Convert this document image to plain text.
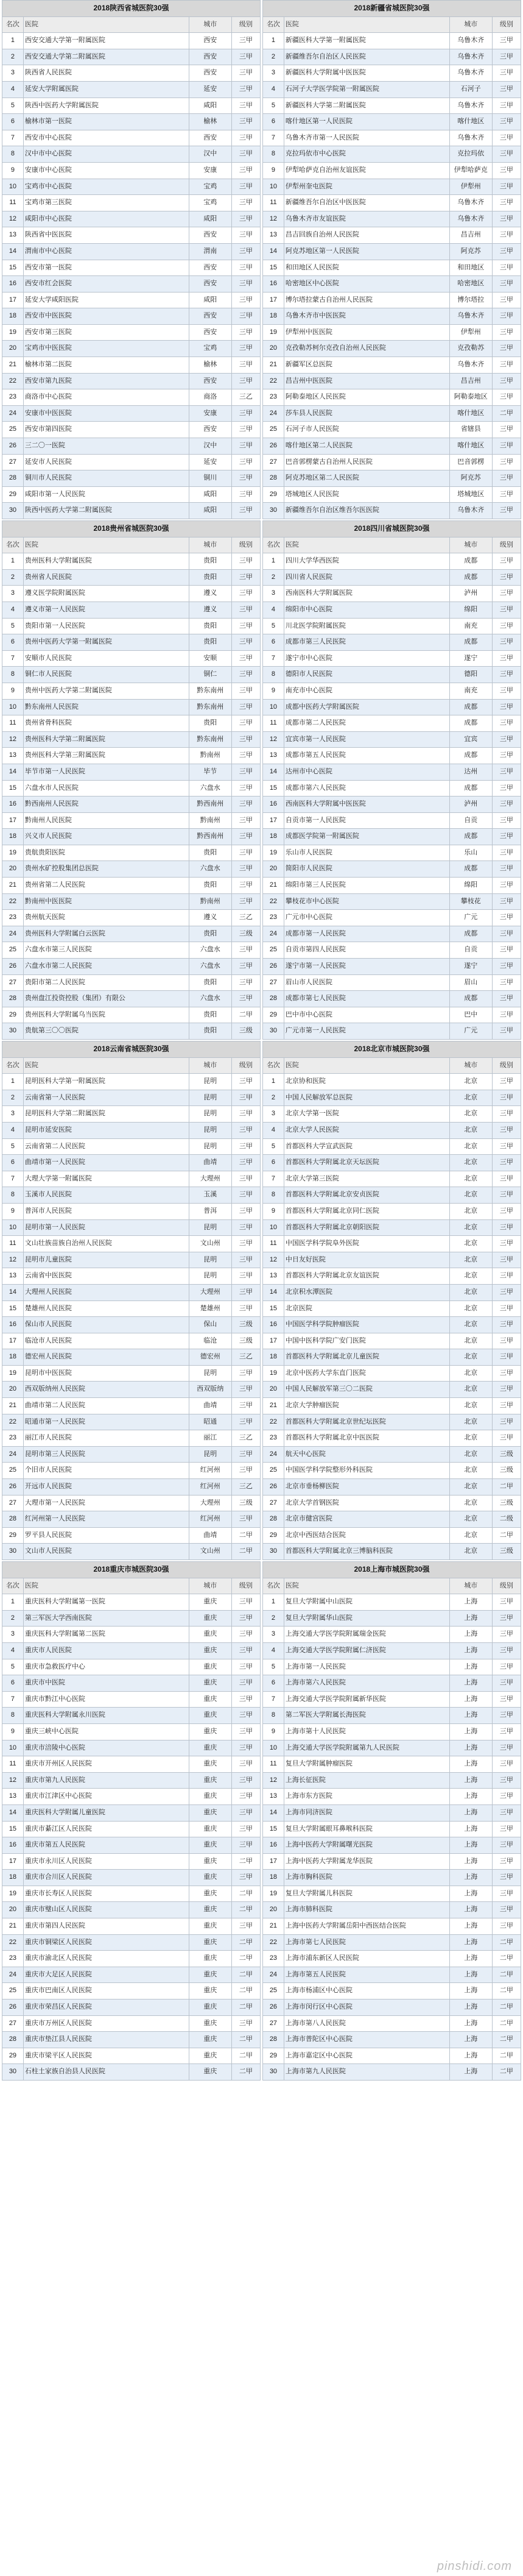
2018陕西省城医院30强			
名次	医院	城市	级别
1	西安交通大学第一附属医院	西安	三甲
2	西安交通大学第二附属医院	西安	三甲
3	陕西省人民医院	西安	三甲
4	延安大学附属医院	延安	三甲
5	陕西中医药大学附属医院	咸阳	三甲
6	榆林市第一医院	榆林	三甲
7	西安市中心医院	西安	三甲
8	汉中市中心医院	汉中	三甲
9	安康市中心医院	安康	三甲
10	宝鸡市中心医院	宝鸡	三甲
11	宝鸡市第三医院	宝鸡	三甲
12	咸阳市中心医院	咸阳	三甲
13	陕西省中医医院	西安	三甲
14	渭南市中心医院	渭南	三甲
15	西安市第一医院	西安	三甲
16	西安市红会医院	西安	三甲
17	延安大学咸阳医院	咸阳	三甲
18	西安市中医医院	西安	三甲
19	西安市第三医院	西安	三甲
20	宝鸡市中医医院	宝鸡	三甲
21	榆林市第二医院	榆林	三甲
22	西安市第九医院	西安	三甲
23	商洛市中心医院	商洛	三乙
24	安康市中医医院	安康	三甲
25	西安市第四医院	西安	三甲
26	三二〇一医院	汉中	三甲
27	延安市人民医院	延安	三甲
28	铜川市人民医院	铜川	三甲
29	咸阳市第一人民医院	咸阳	三甲
30	陕西中医药大学第二附属医院	咸阳	三甲
2018新疆省城医院30强			
名次	医院	城市	级别
1	新疆医科大学第一附属医院	乌鲁木齐	三甲
2	新疆维吾尔自治区人民医院	乌鲁木齐	三甲
3	新疆医科大学附属中医医院	乌鲁木齐	三甲
4	石河子大学医学院第一附属医院	石河子	三甲
5	新疆医科大学第二附属医院	乌鲁木齐	三甲
6	喀什地区第一人民医院	喀什地区	三甲
7	乌鲁木齐市第一人民医院	乌鲁木齐	三甲
8	克拉玛依市中心医院	克拉玛依	三甲
9	伊犁哈萨克自治州友谊医院	伊犁哈萨克	三甲
10	伊犁州奎屯医院	伊犁州	三甲
11	新疆维吾尔自治区中医医院	乌鲁木齐	三甲
12	乌鲁木齐市友谊医院	乌鲁木齐	三甲
13	昌吉回族自治州人民医院	昌吉州	三甲
14	阿克苏地区第一人民医院	阿克苏	三甲
15	和田地区人民医院	和田地区	三甲
16	哈密地区中心医院	哈密地区	三甲
17	博尔塔拉蒙古自治州人民医院	博尔塔拉	三甲
18	乌鲁木齐市中医医院	乌鲁木齐	三甲
19	伊犁州中医医院	伊犁州	三甲
20	克孜勒苏柯尔克孜自治州人民医院	克孜勒苏	三甲
21	新疆军区总医院	乌鲁木齐	三甲
22	昌吉州中医医院	昌吉州	三甲
23	阿勒泰地区人民医院	阿勒泰地区	三甲
24	莎车县人民医院	喀什地区	二甲
25	石河子市人民医院	省辖县	三甲
26	喀什地区第二人民医院	喀什地区	三甲
27	巴音郭楞蒙古自治州人民医院	巴音郭楞	三甲
28	阿克苏地区第二人民医院	阿克苏	三甲
29	塔城地区人民医院	塔城地区	三甲
30	新疆维吾尔自治区维吾尔医医院	乌鲁木齐	三甲
2018贵州省城医院30强			
名次	医院	城市	级别
1	贵州医科大学附属医院	贵阳	三甲
2	贵州省人民医院	贵阳	三甲
3	遵义医学院附属医院	遵义	三甲
4	遵义市第一人民医院	遵义	三甲
5	贵阳市第一人民医院	贵阳	三甲
6	贵州中医药大学第一附属医院	贵阳	三甲
7	安顺市人民医院	安顺	三甲
8	铜仁市人民医院	铜仁	三甲
9	贵州中医药大学第二附属医院	黔东南州	三甲
10	黔东南州人民医院	黔东南州	三甲
11	贵州省骨科医院	贵阳	三甲
12	贵州医科大学第二附属医院	黔东南州	三甲
13	贵州医科大学第三附属医院	黔南州	三甲
14	毕节市第一人民医院	毕节	三甲
15	六盘水市人民医院	六盘水	三甲
16	黔西南州人民医院	黔西南州	三甲
17	黔南州人民医院	黔南州	三甲
18	兴义市人民医院	黔西南州	三甲
19	贵航贵阳医院	贵阳	三甲
20	贵州水矿控股集团总医院	六盘水	三甲
21	贵州省第二人民医院	贵阳	三甲
22	黔南州中医医院	黔南州	三甲
23	贵州航天医院	遵义	三乙
24	贵州医科大学附属白云医院	贵阳	三级
25	六盘水市第三人民医院	六盘水	三甲
26	六盘水市第二人民医院	六盘水	三甲
27	贵阳市第二人民医院	贵阳	三甲
28	贵州盘江投资控股（集团）有限公	六盘水	三甲
29	贵州医科大学附属乌当医院	贵阳	二甲
30	贵航第三〇〇医院	贵阳	三级
2018四川省城医院30强			
名次	医院	城市	级别
1	四川大学华西医院	成都	三甲
2	四川省人民医院	成都	三甲
3	西南医科大学附属医院	泸州	三甲
4	绵阳市中心医院	绵阳	三甲
5	川北医学院附属医院	南充	三甲
6	成都市第三人民医院	成都	三甲
7	遂宁市中心医院	遂宁	三甲
8	德阳市人民医院	德阳	三甲
9	南充市中心医院	南充	三甲
10	成都中医药大学附属医院	成都	三甲
11	成都市第二人民医院	成都	三甲
12	宜宾市第一人民医院	宜宾	三甲
13	成都市第五人民医院	成都	三甲
14	达州市中心医院	达州	三甲
15	成都市第六人民医院	成都	三甲
16	西南医科大学附属中医医院	泸州	三甲
17	自贡市第一人民医院	自贡	三甲
18	成都医学院第一附属医院	成都	三甲
19	乐山市人民医院	乐山	三甲
20	简阳市人民医院	成都	三甲
21	绵阳市第三人民医院	绵阳	三甲
22	攀枝花市中心医院	攀枝花	三甲
23	广元市中心医院	广元	三甲
24	成都市第一人民医院	成都	三甲
25	自贡市第四人民医院	自贡	三甲
26	遂宁市第一人民医院	遂宁	三甲
27	眉山市人民医院	眉山	三甲
28	成都市第七人民医院	成都	三甲
29	巴中市中心医院	巴中	三甲
30	广元市第一人民医院	广元	三甲
2018云南省城医院30强			
名次	医院	城市	级别
1	昆明医科大学第一附属医院	昆明	三甲
2	云南省第一人民医院	昆明	三甲
3	昆明医科大学第二附属医院	昆明	三甲
4	昆明市延安医院	昆明	三甲
5	云南省第二人民医院	昆明	三甲
6	曲靖市第一人民医院	曲靖	三甲
7	大理大学第一附属医院	大理州	三甲
8	玉溪市人民医院	玉溪	三甲
9	普洱市人民医院	普洱	三甲
10	昆明市第一人民医院	昆明	三甲
11	文山壮族苗族自治州人民医院	文山州	三甲
12	昆明市儿童医院	昆明	三甲
13	云南省中医医院	昆明	三甲
14	大理州人民医院	大理州	三甲
15	楚雄州人民医院	楚雄州	三甲
16	保山市人民医院	保山	三级
17	临沧市人民医院	临沧	三级
18	德宏州人民医院	德宏州	三乙
19	昆明市中医医院	昆明	三甲
20	西双版纳州人民医院	西双版纳	三甲
21	曲靖市第二人民医院	曲靖	三甲
22	昭通市第一人民医院	昭通	三甲
23	丽江市人民医院	丽江	三乙
24	昆明市第三人民医院	昆明	三甲
25	个旧市人民医院	红河州	三甲
26	开远市人民医院	红河州	三乙
27	大理市第一人民医院	大理州	三级
28	红河州第一人民医院	红河州	三甲
29	罗平县人民医院	曲靖	二甲
30	文山市人民医院	文山州	二甲
2018北京市城医院30强			
名次	医院	城市	级别
1	北京协和医院	北京	三甲
2	中国人民解放军总医院	北京	三甲
3	北京大学第一医院	北京	三甲
4	北京大学人民医院	北京	三甲
5	首都医科大学宣武医院	北京	三甲
6	首都医科大学附属北京天坛医院	北京	三甲
7	北京大学第三医院	北京	三甲
8	首都医科大学附属北京安贞医院	北京	三甲
9	首都医科大学附属北京同仁医院	北京	三甲
10	首都医科大学附属北京朝阳医院	北京	三甲
11	中国医学科学院阜外医院	北京	三甲
12	中日友好医院	北京	三甲
13	首都医科大学附属北京友谊医院	北京	三甲
14	北京积水潭医院	北京	三甲
15	北京医院	北京	三甲
16	中国医学科学院肿瘤医院	北京	三甲
17	中国中医科学院广安门医院	北京	三甲
18	首都医科大学附属北京儿童医院	北京	三甲
19	北京中医药大学东直门医院	北京	三甲
20	中国人民解放军第三〇二医院	北京	三甲
21	北京大学肿瘤医院	北京	三甲
22	首都医科大学附属北京世纪坛医院	北京	三甲
23	首都医科大学附属北京中医医院	北京	三甲
24	航天中心医院	北京	三级
25	中国医学科学院整形外科医院	北京	三级
26	北京市垂杨柳医院	北京	二甲
27	北京大学首钢医院	北京	三级
28	北京市健宫医院	北京	二级
29	北京中西医结合医院	北京	二甲
30	首都医科大学附属北京三博脑科医院	北京	三级
2018重庆市城医院30强			
名次	医院	城市	级别
1	重庆医科大学附属第一医院	重庆	三甲
2	第三军医大学西南医院	重庆	三甲
3	重庆医科大学附属第二医院	重庆	三甲
4	重庆市人民医院	重庆	三甲
5	重庆市急救医疗中心	重庆	三甲
6	重庆市中医院	重庆	三甲
7	重庆市黔江中心医院	重庆	三甲
8	重庆医科大学附属永川医院	重庆	三甲
9	重庆三峡中心医院	重庆	三甲
10	重庆市涪陵中心医院	重庆	三甲
11	重庆市开州区人民医院	重庆	三甲
12	重庆市第九人民医院	重庆	三甲
13	重庆市江津区中心医院	重庆	三甲
14	重庆医科大学附属儿童医院	重庆	三甲
15	重庆市綦江区人民医院	重庆	三甲
16	重庆市第五人民医院	重庆	三甲
17	重庆市永川区人民医院	重庆	二甲
18	重庆市合川区人民医院	重庆	三甲
19	重庆市长寿区人民医院	重庆	二甲
20	重庆市璧山区人民医院	重庆	二甲
21	重庆市第四人民医院	重庆	三甲
22	重庆市铜梁区人民医院	重庆	二甲
23	重庆市渝北区人民医院	重庆	二甲
24	重庆市大足区人民医院	重庆	二甲
25	重庆市巴南区人民医院	重庆	二甲
26	重庆市荣昌区人民医院	重庆	二甲
27	重庆市万州区人民医院	重庆	三甲
28	重庆市垫江县人民医院	重庆	二甲
29	重庆市梁平区人民医院	重庆	二甲
30	石柱土家族自治县人民医院	重庆	二甲
2018上海市城医院30强			
名次	医院	城市	级别
1	复旦大学附属中山医院	上海	三甲
2	复旦大学附属华山医院	上海	三甲
3	上海交通大学医学院附属瑞金医院	上海	三甲
4	上海交通大学医学院附属仁济医院	上海	三甲
5	上海市第一人民医院	上海	三甲
6	上海市第六人民医院	上海	三甲
7	上海交通大学医学院附属新华医院	上海	三甲
8	第二军医大学附属长海医院	上海	三甲
9	上海市第十人民医院	上海	三甲
10	上海交通大学医学院附属第九人民医院	上海	三甲
11	复旦大学附属肿瘤医院	上海	三甲
12	上海长征医院	上海	三甲
13	上海市东方医院	上海	三甲
14	上海市同济医院	上海	三甲
15	复旦大学附属眼耳鼻喉科医院	上海	三甲
16	上海中医药大学附属曙光医院	上海	三甲
17	上海中医药大学附属龙华医院	上海	三甲
18	上海市胸科医院	上海	三甲
19	复旦大学附属儿科医院	上海	三甲
20	上海市肺科医院	上海	三甲
21	上海中医药大学附属岳阳中西医结合医院	上海	三甲
22	上海市第七人民医院	上海	二甲
23	上海市浦东新区人民医院	上海	二甲
24	上海市第五人民医院	上海	二甲
25	上海市杨浦区中心医院	上海	二甲
26	上海市闵行区中心医院	上海	二甲
27	上海市第八人民医院	上海	二甲
28	上海市普陀区中心医院	上海	二甲
29	上海市嘉定区中心医院	上海	二甲
30	上海市第九人民医院	上海	二甲
pinshidi.com
